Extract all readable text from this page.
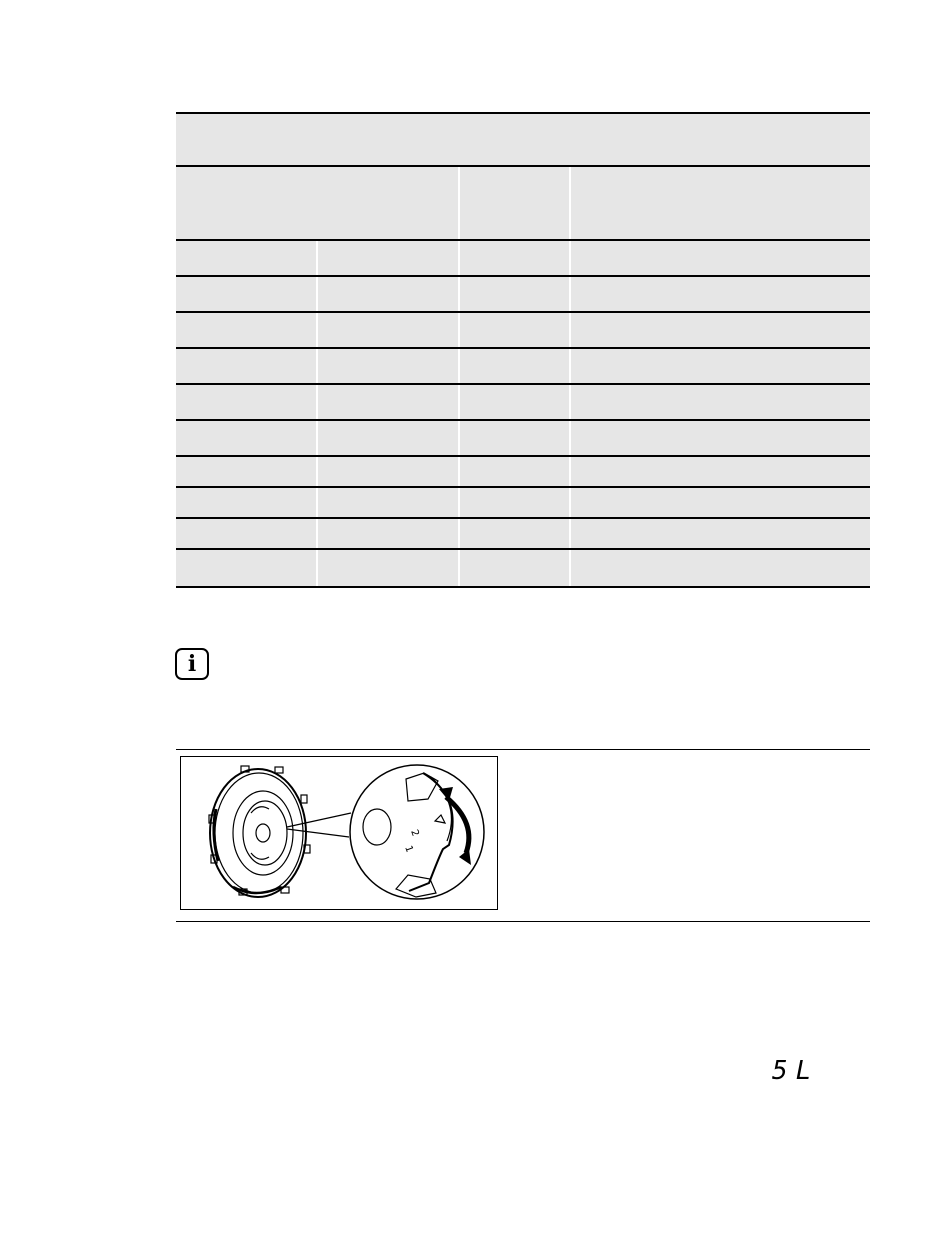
i
2
1
5L
